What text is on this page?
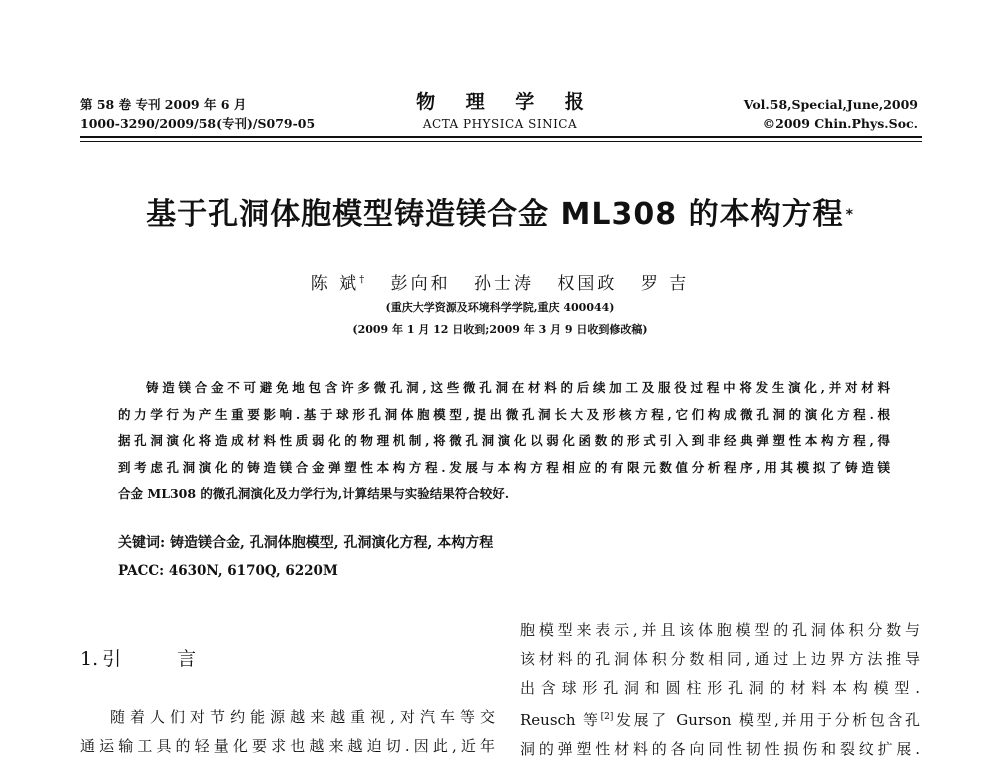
第 58 卷 专刊 2009 年 6 月
1000-3290/2009/58(专刊)/S079-05
物 理 学 报
ACTA PHYSICA SINICA
Vol.58,Special,June,2009
©2009 Chin.Phys.Soc.
基于孔洞体胞模型铸造镁合金 ML308 的本构方程 *
陈 斌† 彭向和 孙士涛 权国政 罗 吉
(重庆大学资源及环境科学学院,重庆 400044)
(2009 年 1 月 12 日收到;2009 年 3 月 9 日收到修改稿)
铸造镁合金不可避免地包含许多微孔洞,这些微孔洞在材料的后续加工及服役过程中将发生演化,并对材料
的力学行为产生重要影响.基于球形孔洞体胞模型,提出微孔洞长大及形核方程,它们构成微孔洞的演化方程.根
据孔洞演化将造成材料性质弱化的物理机制,将微孔洞演化以弱化函数的形式引入到非经典弹塑性本构方程,得
到考虑孔洞演化的铸造镁合金弹塑性本构方程.发展与本构方程相应的有限元数值分析程序,用其模拟了铸造镁
合金 ML308 的微孔洞演化及力学行为,计算结果与实验结果符合较好.
关键词: 铸造镁合金, 孔洞体胞模型, 孔洞演化方程, 本构方程
PACC: 4630N, 6170Q, 6220M
1. 引	言
随着人们对节约能源越来越重视,对汽车等交
通运输工具的轻量化要求也越来越迫切.因此,近年
胞模型来表示,并且该体胞模型的孔洞体积分数与
该材料的孔洞体积分数相同,通过上边界方法推导
出含球形孔洞和圆柱形孔洞的材料本构模型.
Reusch 等[2]发展了 Gurson 模型,并用于分析包含孔
洞的弹塑性材料的各向同性韧性损伤和裂纹扩展.
